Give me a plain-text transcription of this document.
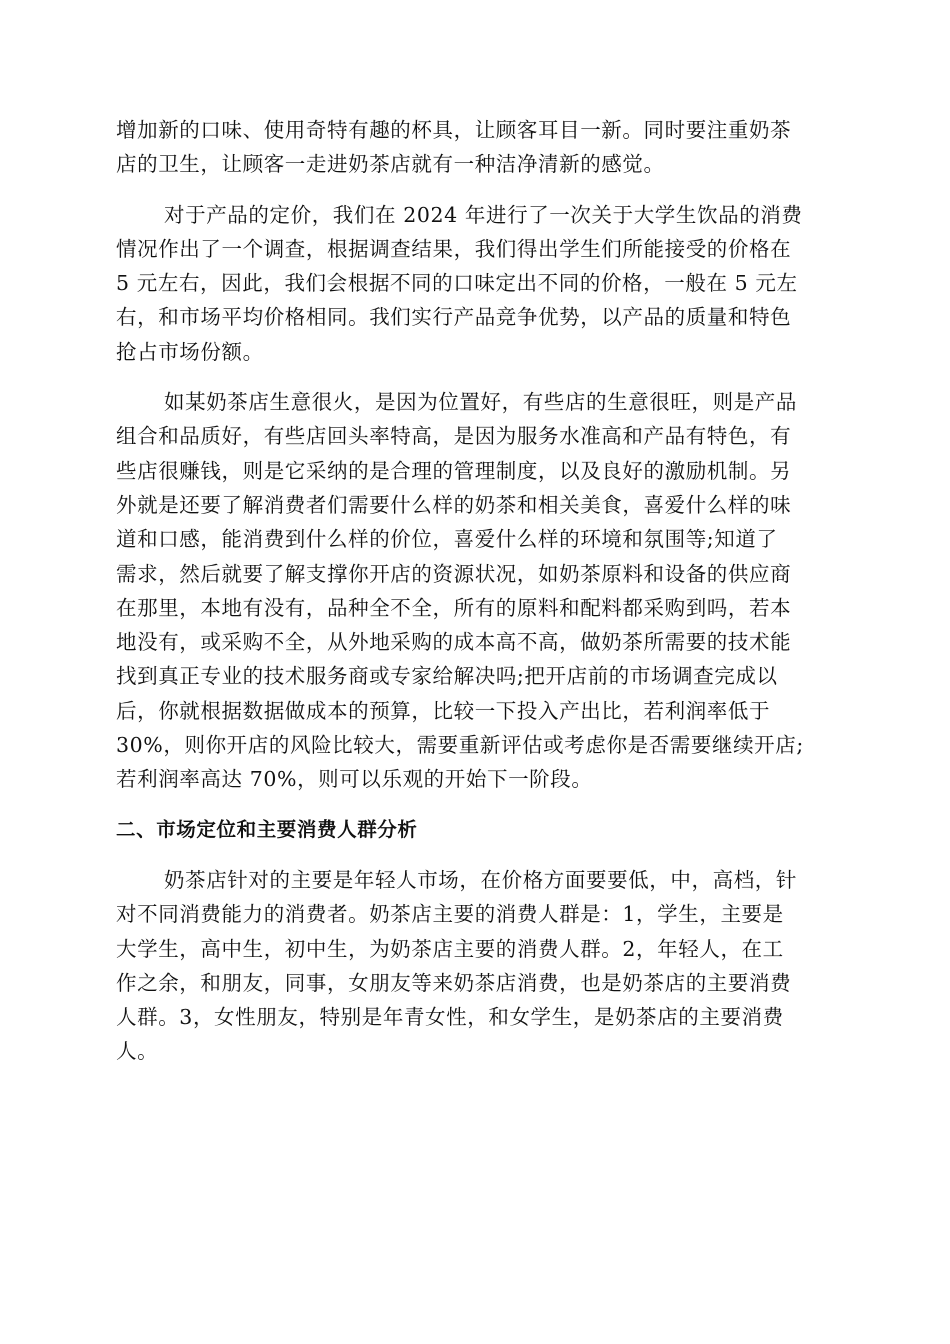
增加新的口味、使用奇特有趣的杯具，让顾客耳目一新。同时要注重奶茶
店的卫生，让顾客一走进奶茶店就有一种洁净清新的感觉。
对于产品的定价，我们在 2024 年进行了一次关于大学生饮品的消费
情况作出了一个调查，根据调查结果，我们得出学生们所能接受的价格在
5 元左右，因此，我们会根据不同的口味定出不同的价格，一般在 5 元左
右，和市场平均价格相同。我们实行产品竞争优势，以产品的质量和特色
抢占市场份额。
如某奶茶店生意很火，是因为位置好，有些店的生意很旺，则是产品
组合和品质好，有些店回头率特高，是因为服务水准高和产品有特色，有
些店很赚钱，则是它采纳的是合理的管理制度，以及良好的激励机制。另
外就是还要了解消费者们需要什么样的奶茶和相关美食，喜爱什么样的味
道和口感，能消费到什么样的价位，喜爱什么样的环境和氛围等;知道了
需求，然后就要了解支撑你开店的资源状况，如奶茶原料和设备的供应商
在那里，本地有没有，品种全不全，所有的原料和配料都采购到吗，若本
地没有，或采购不全，从外地采购的成本高不高，做奶茶所需要的技术能
找到真正专业的技术服务商或专家给解决吗;把开店前的市场调查完成以
后，你就根据数据做成本的预算，比较一下投入产出比，若利润率低于
30%，则你开店的风险比较大，需要重新评估或考虑你是否需要继续开店;
若利润率高达 70%，则可以乐观的开始下一阶段。
二、市场定位和主要消费人群分析
奶茶店针对的主要是年轻人市场，在价格方面要要低，中，高档，针
对不同消费能力的消费者。奶茶店主要的消费人群是：1，学生，主要是
大学生，高中生，初中生，为奶茶店主要的消费人群。2，年轻人，在工
作之余，和朋友，同事，女朋友等来奶茶店消费，也是奶茶店的主要消费
人群。3，女性朋友，特别是年青女性，和女学生，是奶茶店的主要消费
人。
